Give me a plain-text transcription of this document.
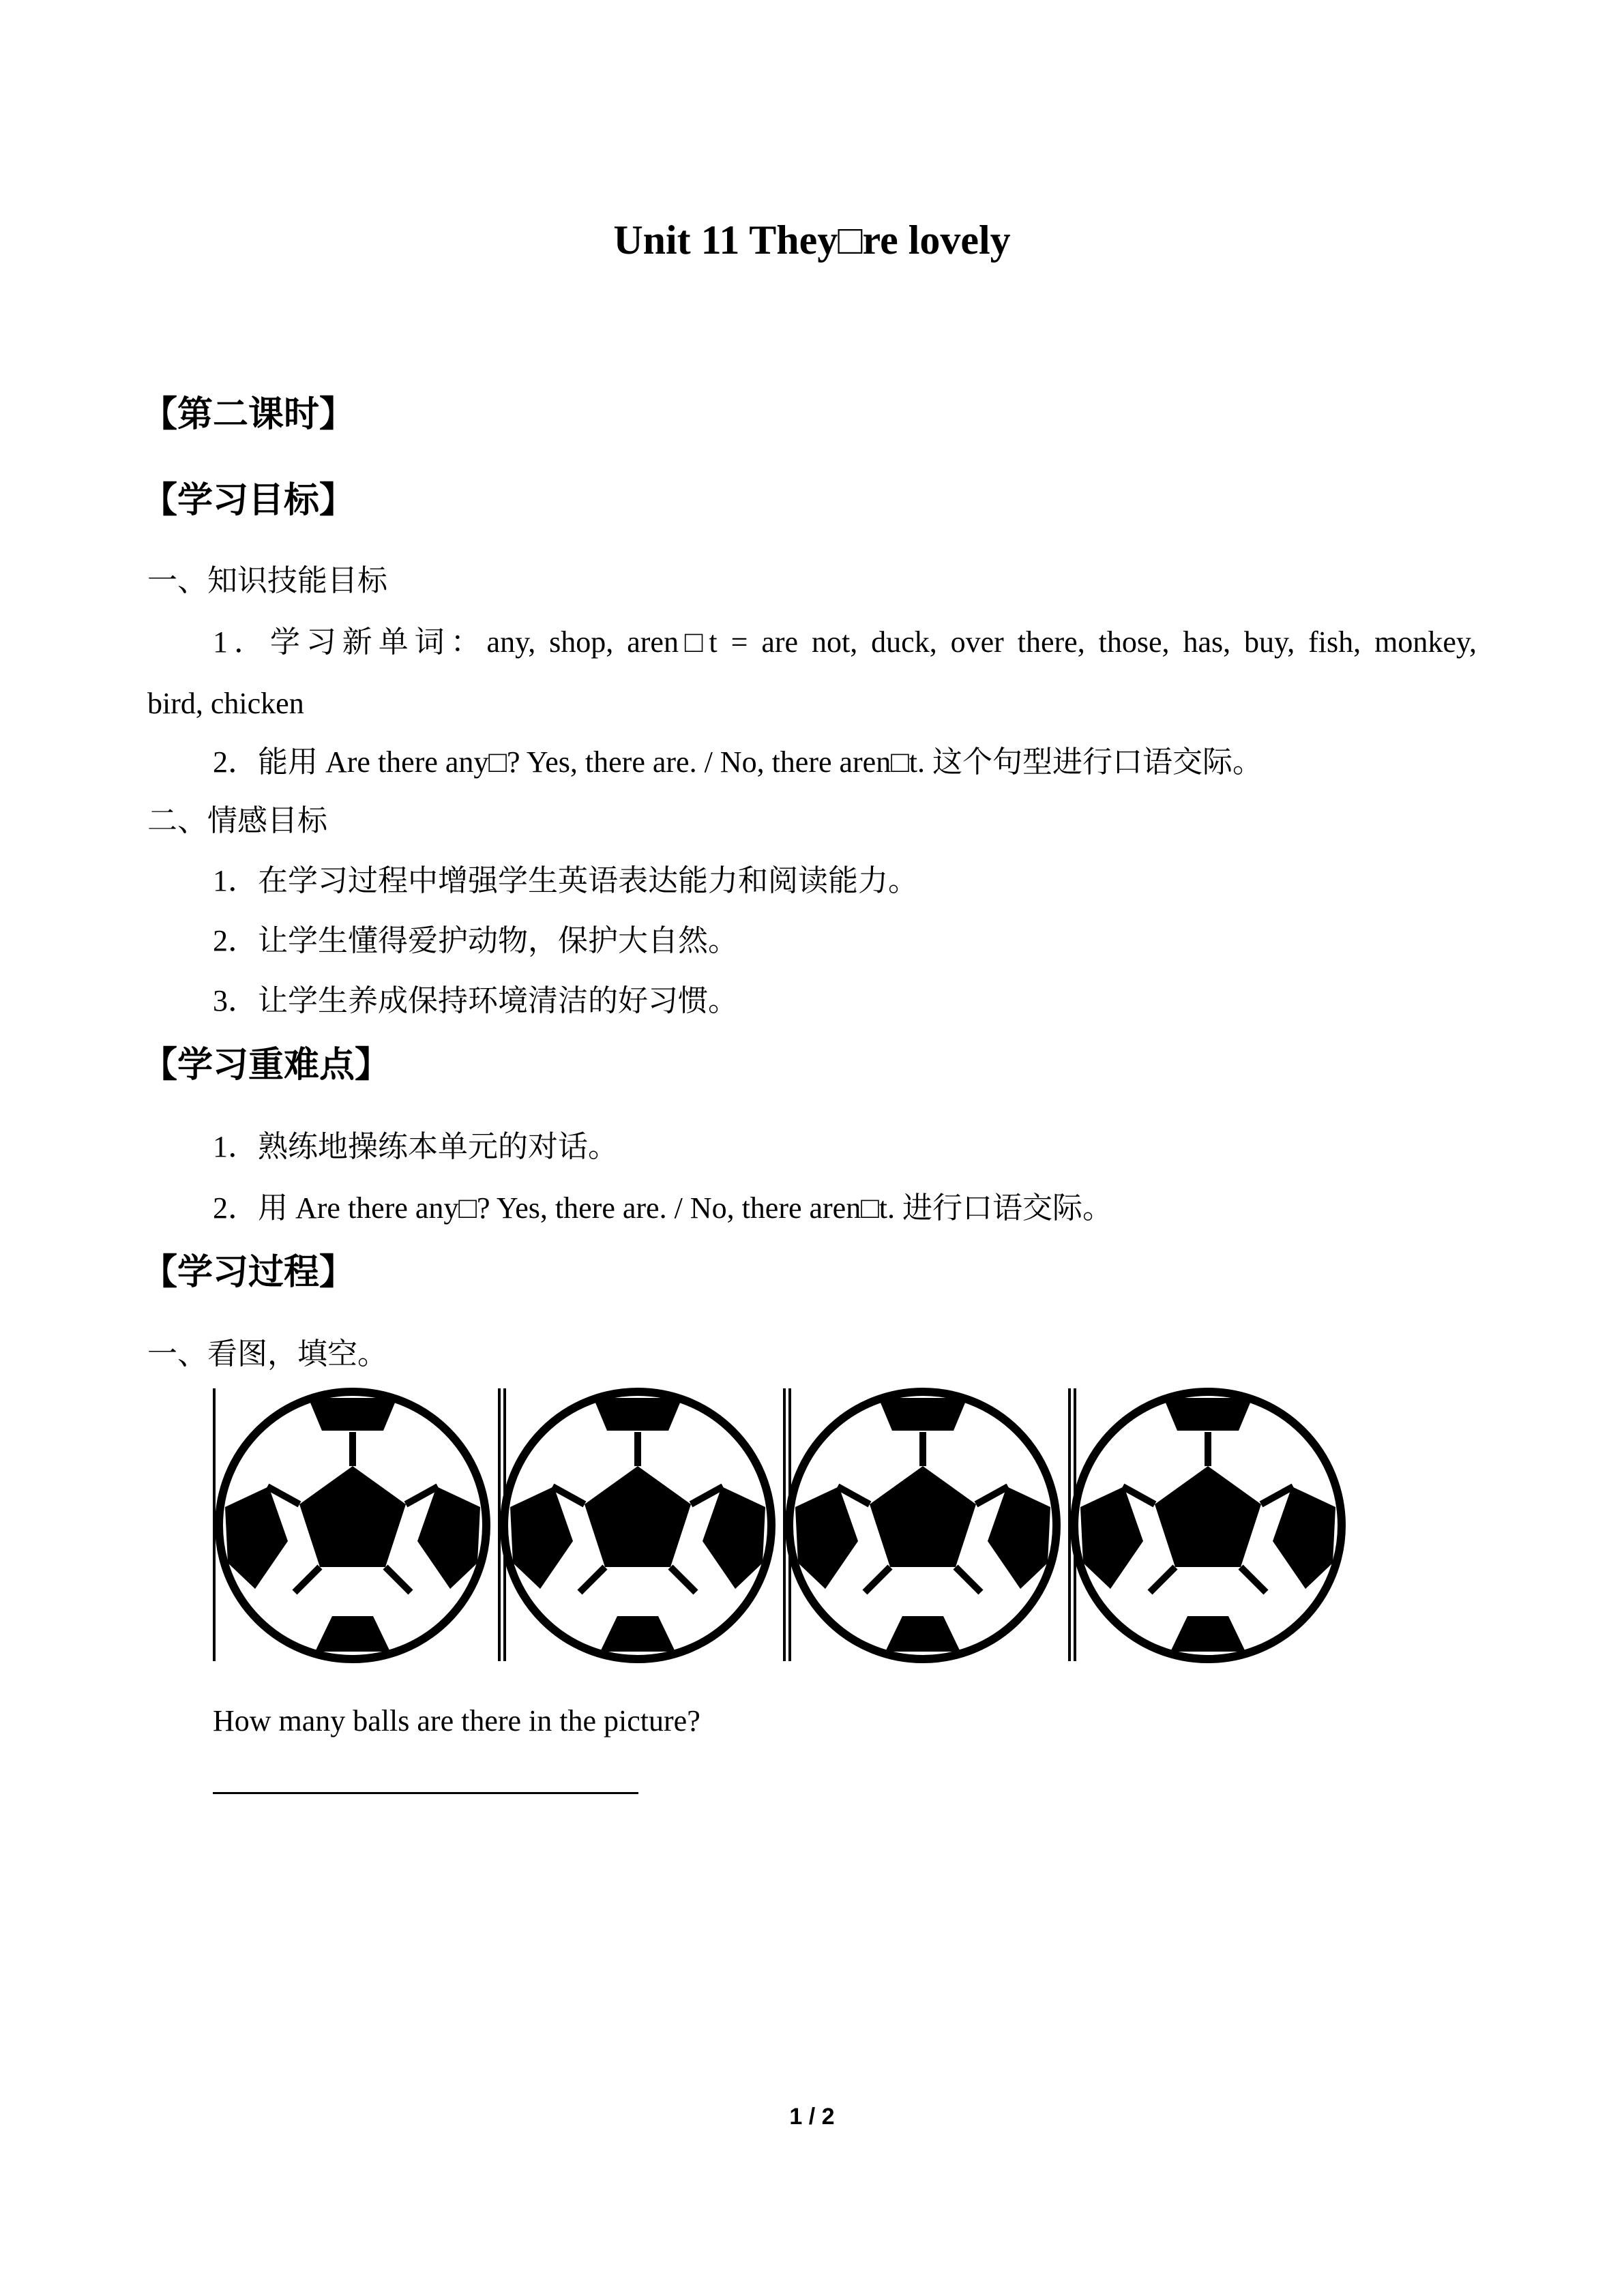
Unit 11 They□re lovely
【第二课时】
【学习目标】
一、知识技能目标
1．学习新单词：any, shop, aren□t = are not, duck, over there, those, has, buy, fish, monkey,
bird, chicken
2．能用 Are there any□? Yes, there are. / No, there aren□t. 这个句型进行口语交际。
二、情感目标
1．在学习过程中增强学生英语表达能力和阅读能力。
2．让学生懂得爱护动物，保护大自然。
3．让学生养成保持环境清洁的好习惯。
【学习重难点】
1．熟练地操练本单元的对话。
2．用 Are there any□? Yes, there are. / No, there aren□t. 进行口语交际。
【学习过程】
一、看图，填空。
How many balls are there in the picture?
1 / 2
